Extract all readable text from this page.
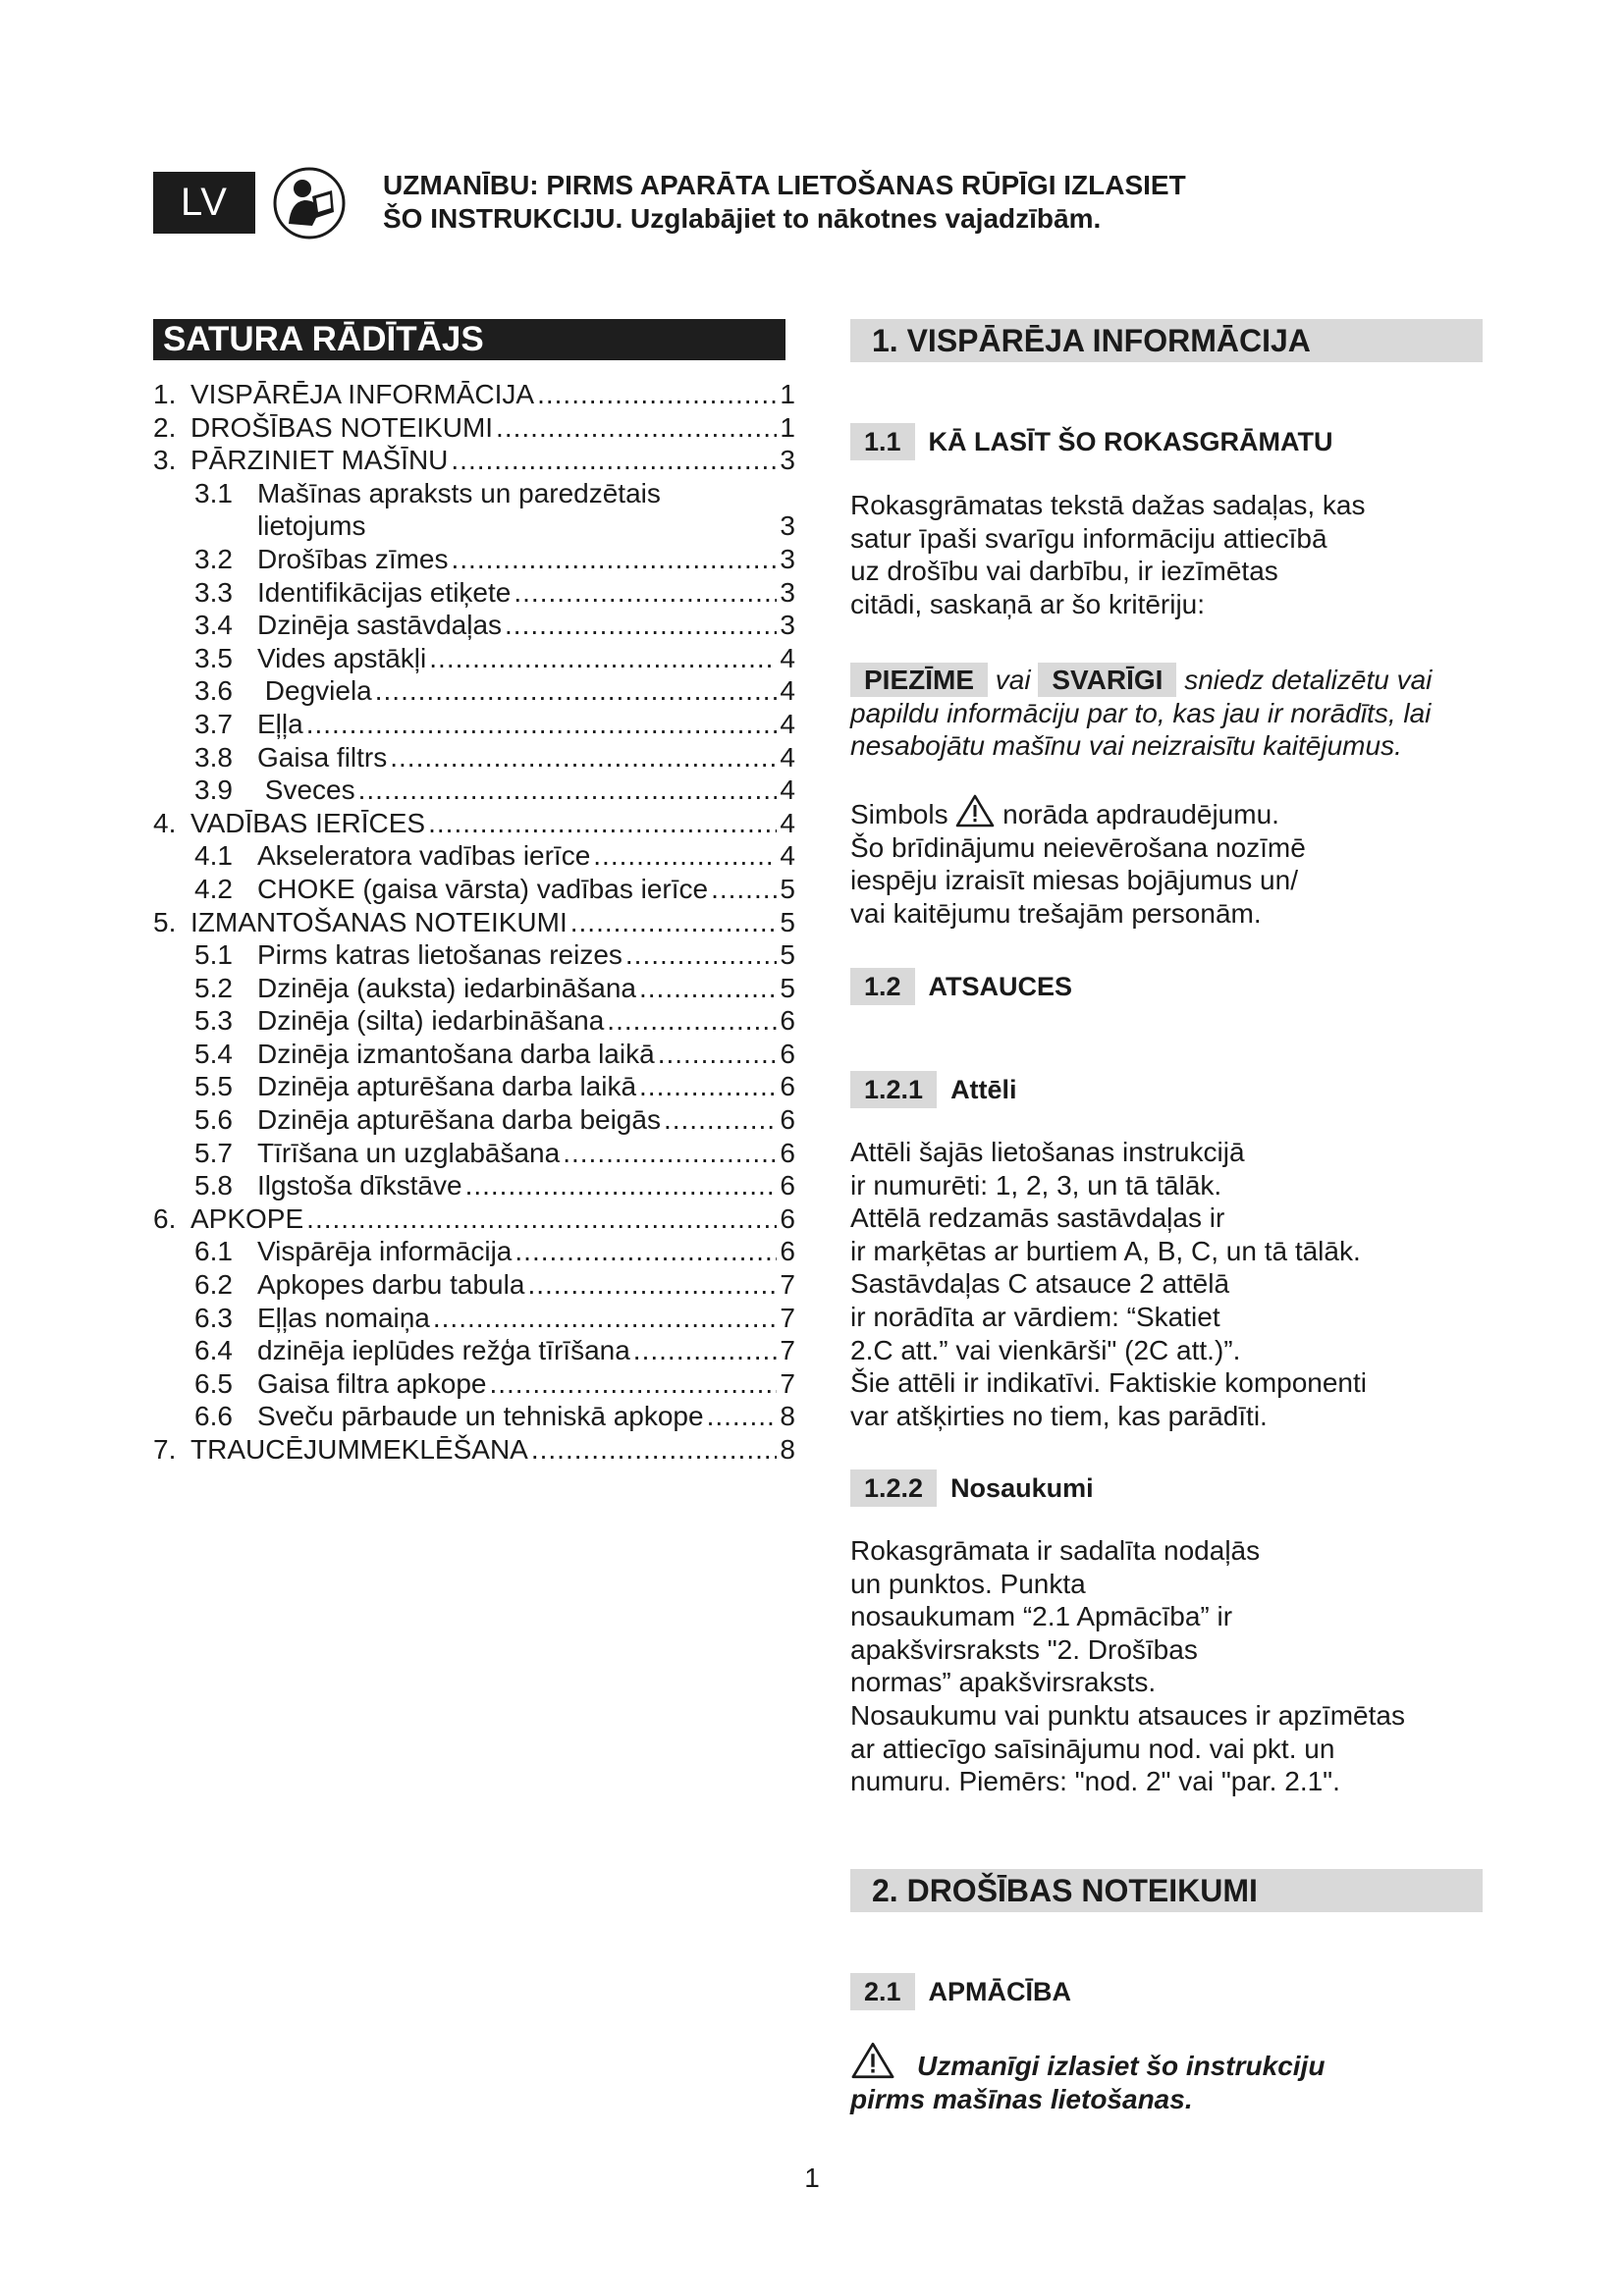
LV	UZMANĪBU: PIRMS APARĀTA LIETOŠANAS RŪPĪGI IZLASIET
ŠO INSTRUKCIJU. Uzglabājiet to nākotnes vajadzībām.
SATURA RĀDĪTĀJS
1. VISPĀRĒJA INFORMĀCIJA .....	1
2. DROŠĪBAS NOTEIKUMI .....	1
3. PĀRZINIET MAŠĪNU .....	3
3.1 Mašīnas apraksts un paredzētais
lietojums	3
3.2 Drošības zīmes .....	3
3.3 Identifikācijas etiķete .....	3
3.4 Dzinēja sastāvdaļas .....	3
3.5 Vides apstākļi .....	4
3.6 Degviela .....	4
3.7 Eļļa .....	4
3.8 Gaisa filtrs .....	4
3.9 Sveces .....	4
4. VADĪBAS IERĪCES .....	4
4.1 Akseleratora vadības ierīce .....	4
4.2 CHOKE (gaisa vārsta) vadības ierīce .....	5
5. IZMANTOŠANAS NOTEIKUMI .....	5
5.1 Pirms katras lietošanas reizes .....	5
5.2 Dzinēja (auksta) iedarbināšana .....	5
5.3 Dzinēja (silta) iedarbināšana .....	6
5.4 Dzinēja izmantošana darba laikā .....	6
5.5 Dzinēja apturēšana darba laikā .....	6
5.6 Dzinēja apturēšana darba beigās .....	6
5.7 Tīrīšana un uzglabāšana .....	6
5.8 Ilgstoša dīkstāve .....	6
6. APKOPE .....	6
6.1 Vispārēja informācija .....	6
6.2 Apkopes darbu tabula .....	7
6.3 Eļļas nomaiņa .....	7
6.4 dzinēja ieplūdes režģa tīrīšana .....	7
6.5 Gaisa filtra apkope .....	7
6.6 Sveču pārbaude un tehniskā apkope .....	8
7. TRAUCĒJUMMEKLĒŠANA .....	8
1. VISPĀRĒJA INFORMĀCIJA
1.1	KĀ LASĪT ŠO ROKASGRĀMATU

Rokasgrāmatas tekstā dažas sadaļas, kas

satur īpaši svarīgu informāciju attiecībā

uz drošību vai darbību, ir iezīmētas

citādi, saskaņā ar šo kritēriju:

PIEZĪME vai SVARĪGI sniedz detalizētu vai

papildu informāciju par to, kas jau ir norādīts, lai

nesabojātu mašīnu vai neizraisītu kaitējumus.

Simbols norāda apdraudējumu.

Šo brīdinājumu neievērošana nozīmē

iespēju izraisīt miesas bojājumus un/

vai kaitējumu trešajām personām.

1.2	ATSAUCES
1.2.1	Attēli

Attēli šajās lietošanas instrukcijā

ir numurēti: 1, 2, 3, un tā tālāk.

Attēlā redzamās sastāvdaļas ir

ir marķētas ar burtiem A, B, C, un tā tālāk.

Sastāvdaļas C atsauce 2 attēlā

ir norādīta ar vārdiem: “Skatiet

2.C att.” vai vienkārši" (2C att.)”.

Šie attēli ir indikatīvi. Faktiskie komponenti

var atšķirties no tiem, kas parādīti.

1.2.2	Nosaukumi

Rokasgrāmata ir sadalīta nodaļās

un punktos. Punkta

nosaukumam “2.1 Apmācība” ir

apakšvirsraksts "2. Drošības

normas” apakšvirsraksts.

Nosaukumu vai punktu atsauces ir apzīmētas

ar attiecīgo saīsinājumu nod. vai pkt. un

numuru. Piemērs: "nod. 2" vai "par. 2.1".

2. DROŠĪBAS NOTEIKUMI
2.1	APMĀCĪBA

Uzmanīgi izlasiet šo instrukciju

pirms mašīnas lietošanas.

1
